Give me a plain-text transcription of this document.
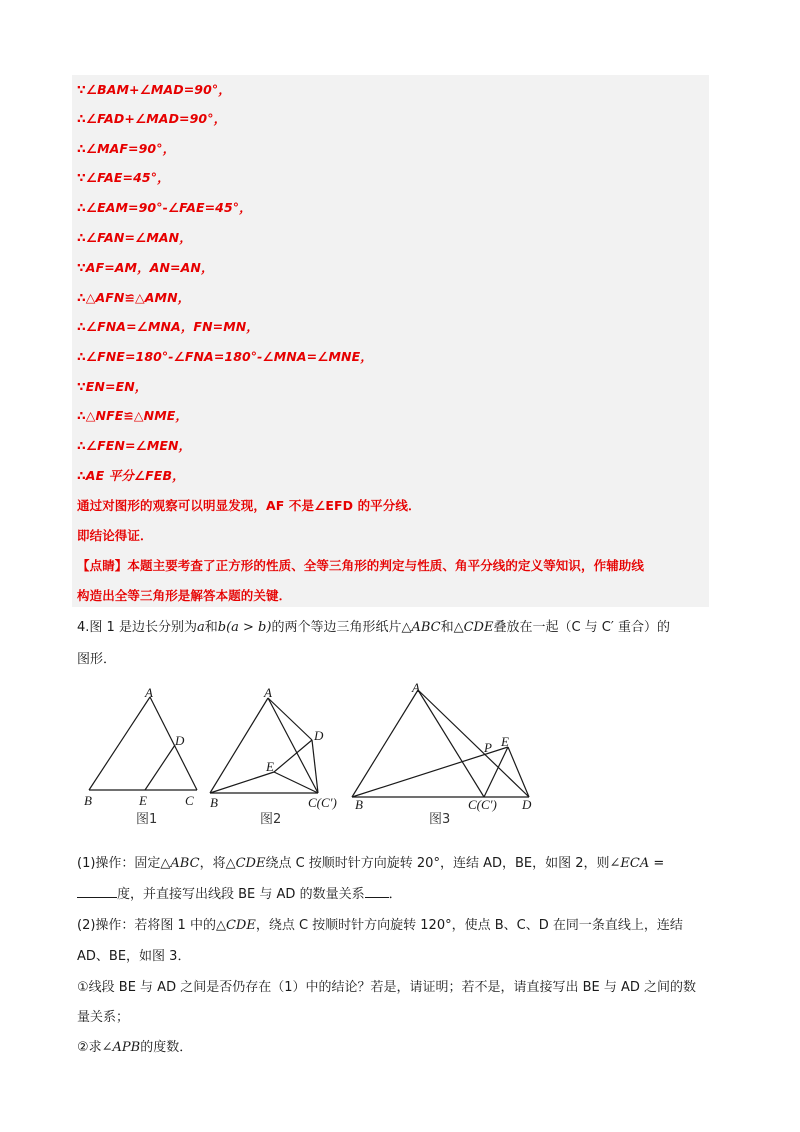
∵∠BAM+∠MAD=90°，
∴∠FAD+∠MAD=90°，
∴∠MAF=90°，
∵∠FAE=45°，
∴∠EAM=90°-∠FAE=45°，
∴∠FAN=∠MAN，
∵AF=AM，AN=AN，
∴△AFN≌△AMN，
∴∠FNA=∠MNA，FN=MN，
∴∠FNE=180°-∠FNA=180°-∠MNA=∠MNE，
∵EN=EN，
∴△NFE≌△NME，
∴∠FEN=∠MEN，
∴AE 平分∠FEB，
通过对图形的观察可以明显发现，AF 不是∠EFD 的平分线．
即结论得证．
【点睛】本题主要考查了正方形的性质、全等三角形的判定与性质、角平分线的定义等知识，作辅助线
构造出全等三角形是解答本题的关键．
4.图 1 是边长分别为a和b(a > b)的两个等边三角形纸片△ABC和△CDE叠放在一起（C 与 C′ 重合）的
图形．
A
B	C
D
E
A
B	C(C′)
D
E
A
B	C(C′) D
E
P
图1	图2	图3
(1)操作：固定△ABC，将△CDE绕点 C 按顺时针方向旋转 20°，连结 AD，BE，如图 2，则∠ECA =
度，并直接写出线段 BE 与 AD 的数量关系 ．
(2)操作：若将图 1 中的△CDE，绕点 C 按顺时针方向旋转 120°，使点 B、C、D 在同一条直线上，连结
AD、BE，如图 3．
①线段 BE 与 AD 之间是否仍存在（1）中的结论？若是，请证明；若不是，请直接写出 BE 与 AD 之间的数
量关系；
②求∠APB的度数．
